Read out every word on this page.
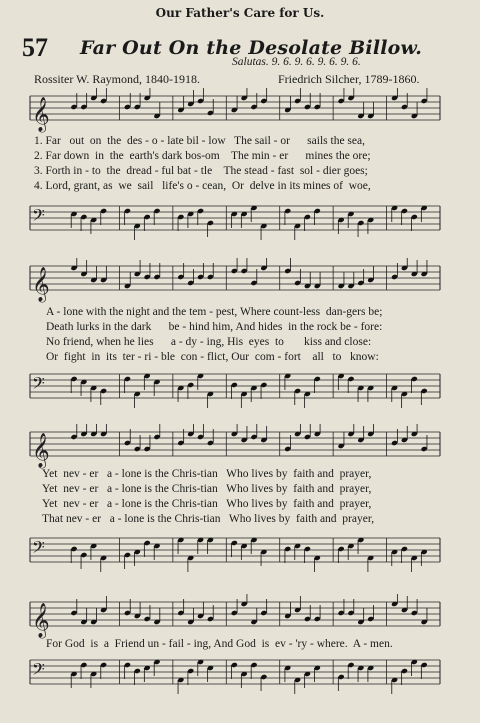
Our Father's Care for Us.
57 Far Out On the Desolate Billow.
Salutas. 9. 6. 9. 6. 9. 6. 9. 6.
Rossiter W. Raymond, 1840-1918.	Friedrich Silcher, 1789-1860.
𝄞
1. Far   out  on  the  des - o - late bil - low   The sail - or      sails the sea,
2. Far down  in  the  earth's dark bos-om    The min - er      mines the ore;
3. Forth in - to  the  dread - ful bat - tle    The stead - fast  sol - dier goes;
4. Lord, grant, as  we  sail   life's o - cean,  Or  delve in its mines of  woe,
𝄢
𝄞
A - lone with the night and the tem - pest, Where count-less  dan-gers be;
Death lurks in the dark      be - hind him, And hides  in the rock be - fore:
No friend, when he lies      a - dy - ing, His  eyes  to       kiss and close:
Or  fight  in  its  ter - ri - ble  con - flict, Our  com - fort    all   to   know:
𝄢
𝄞
Yet  nev - er   a - lone is the Chris-tian   Who lives by  faith and  prayer,
Yet  nev - er   a - lone is the Chris-tian   Who lives by  faith and  prayer,
Yet  nev - er   a - lone is the Chris-tian   Who lives by  faith and  prayer,
That nev - er   a - lone is the Chris-tian   Who lives by  faith and  prayer,
𝄢
𝄞
For God  is  a  Friend un - fail - ing, And God  is  ev - 'ry - where.  A - men.
𝄢
